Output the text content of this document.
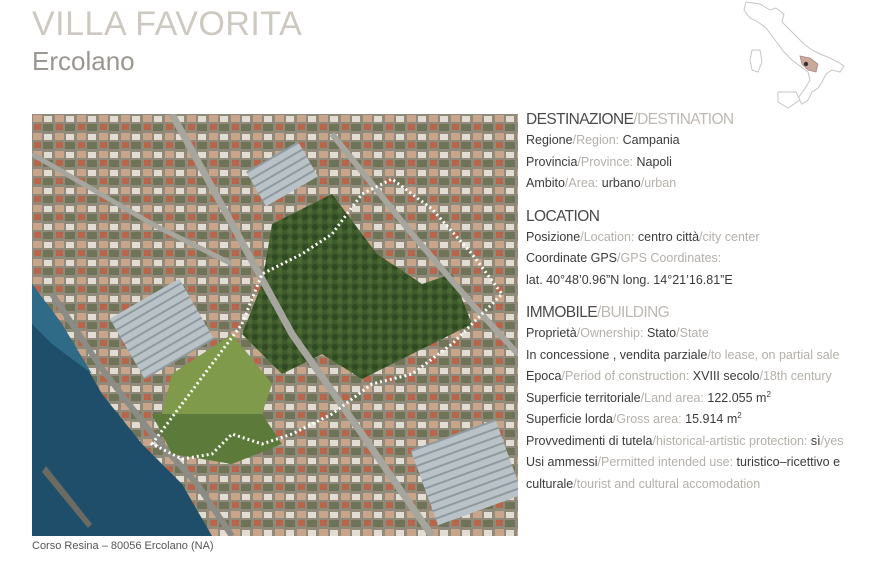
VILLA FAVORITA
Ercolano
Corso Resina – 80056 Ercolano (NA)
DESTINAZIONE/DESTINATION
Regione/Region: Campania
Provincia/Province: Napoli
Ambito/Area: urbano/urban
LOCATION
Posizione/Location: centro città/city center
Coordinate GPS/GPS Coordinates:
lat. 40°48’0.96”N long. 14°21’16.81”E
IMMOBILE/BUILDING
Proprietà/Ownership: Stato/State
In concessione , vendita parziale/to lease, on partial sale
Epoca/Period of construction: XVIII secolo/18th century
Superficie territoriale/Land area: 122.055 $m^2$
Superficie lorda/Gross area: 15.914 $m^2$
Provvedimenti di tutela/historical-artistic protection: sì/yes
Usi ammessi/Permitted intended use: turistico–ricettivo e
culturale/tourist and cultural accomodation
